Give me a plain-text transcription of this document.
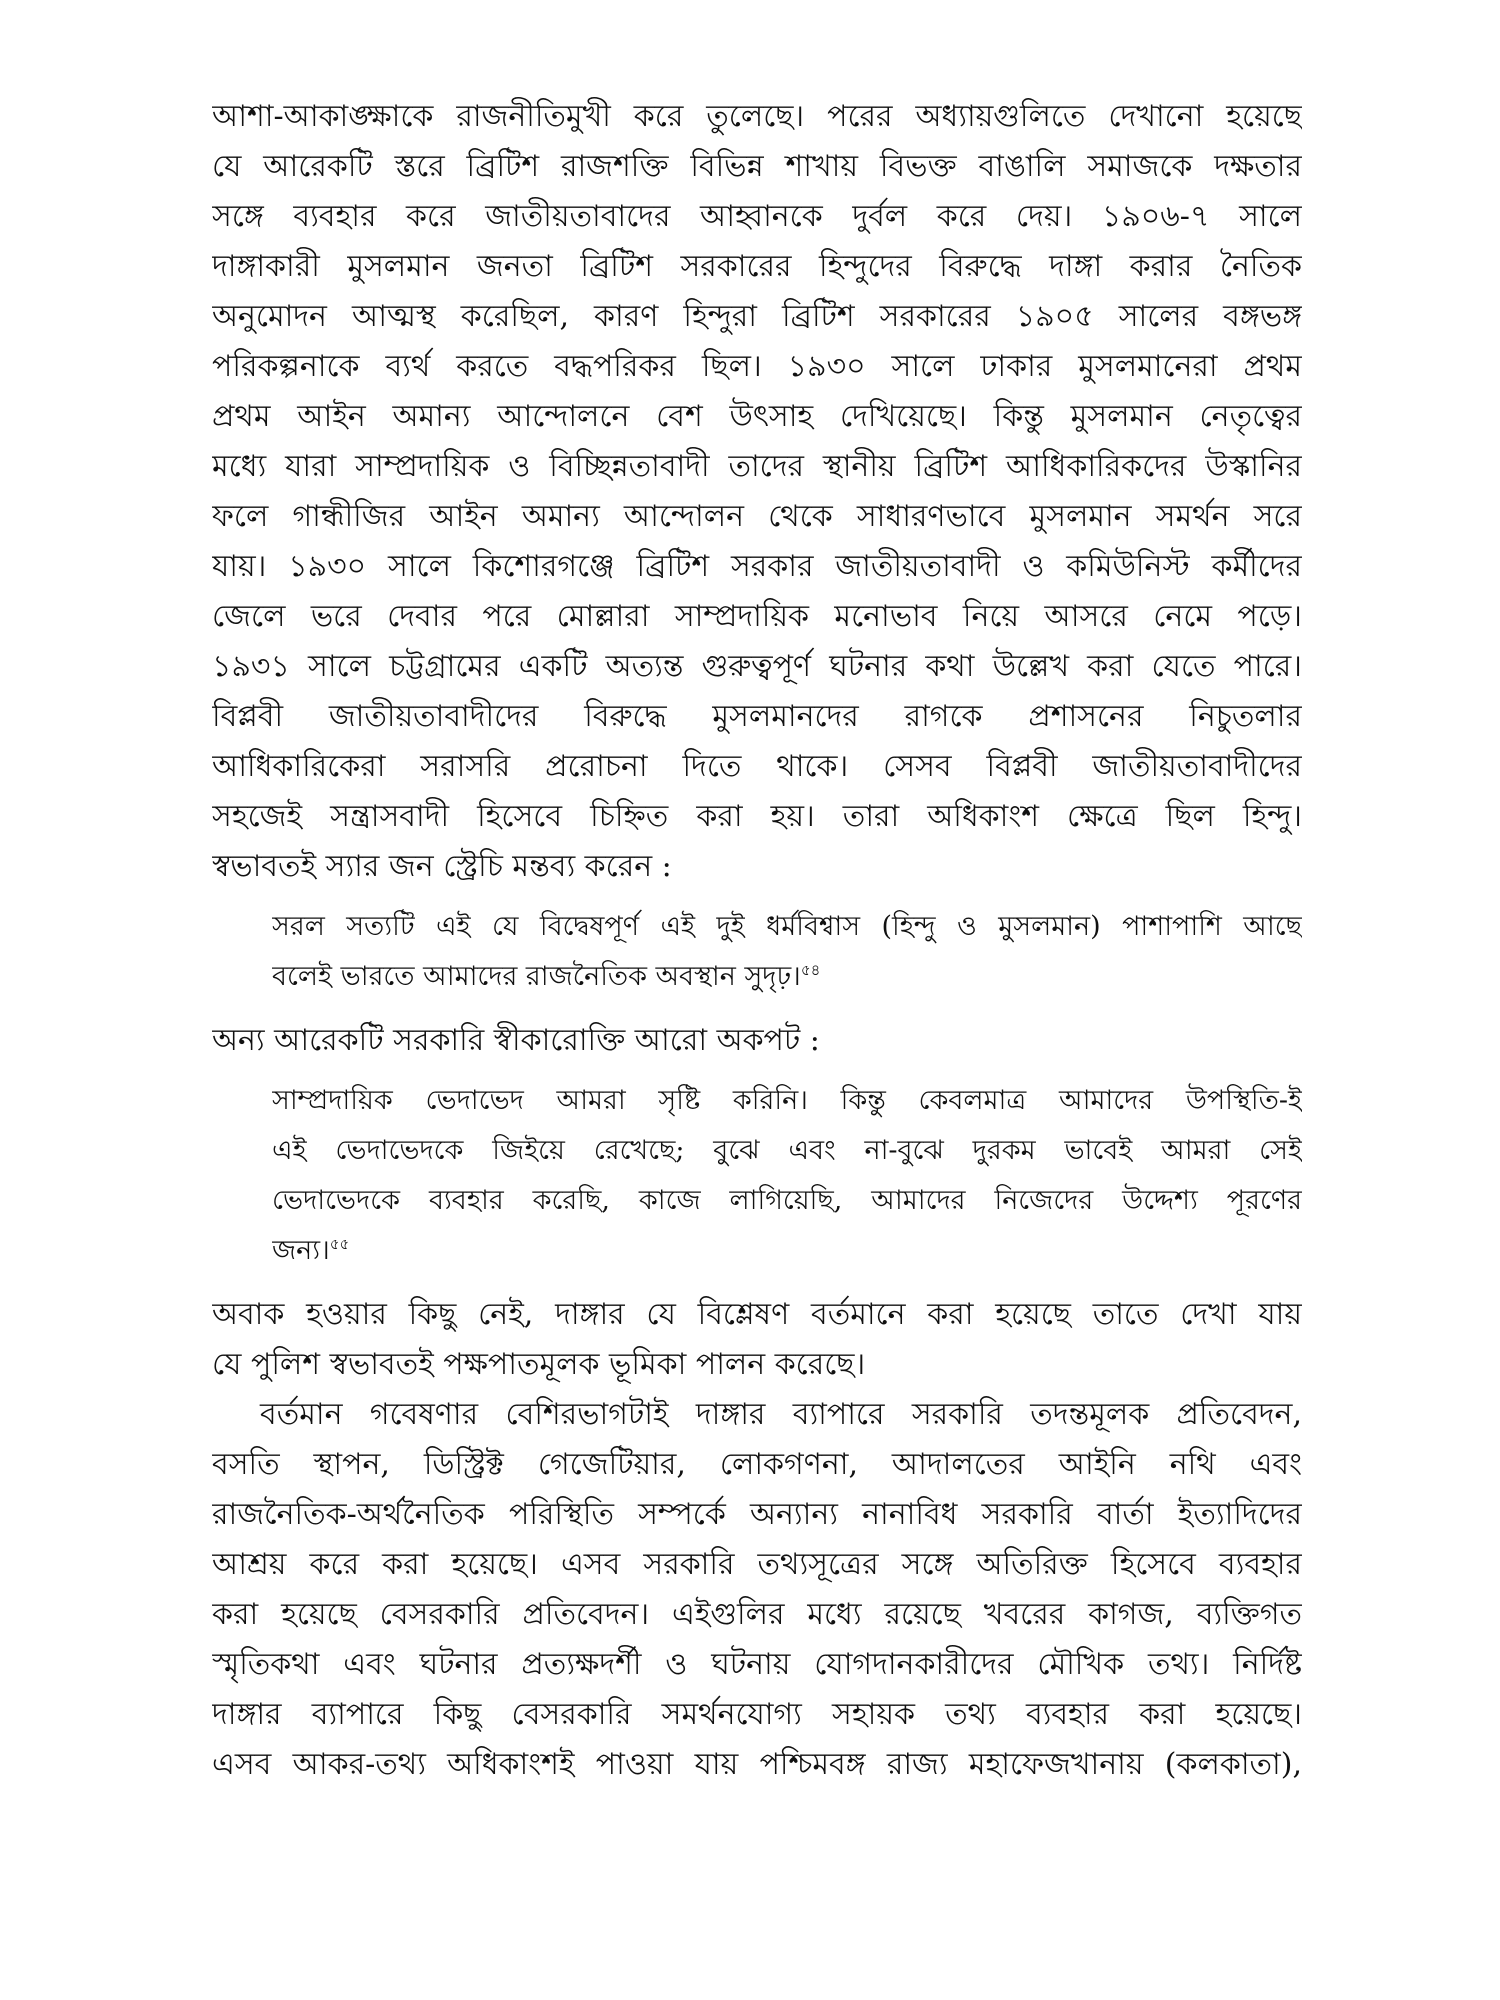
আশা-আকাঙ্ক্ষাকে রাজনীতিমুখী করে তুলেছে। পরের অধ্যায়গুলিতে দেখানো হয়েছে
যে আরেকটি স্তরে ব্রিটিশ রাজশক্তি বিভিন্ন শাখায় বিভক্ত বাঙালি সমাজকে দক্ষতার
সঙ্গে ব্যবহার করে জাতীয়তাবাদের আহ্বানকে দুর্বল করে দেয়। ১৯০৬-৭ সালে
দাঙ্গাকারী মুসলমান জনতা ব্রিটিশ সরকারের হিন্দুদের বিরুদ্ধে দাঙ্গা করার নৈতিক
অনুমোদন আত্মস্থ করেছিল, কারণ হিন্দুরা ব্রিটিশ সরকারের ১৯০৫ সালের বঙ্গভঙ্গ
পরিকল্পনাকে ব্যর্থ করতে বদ্ধপরিকর ছিল। ১৯৩০ সালে ঢাকার মুসলমানেরা প্রথম
প্রথম আইন অমান্য আন্দোলনে বেশ উৎসাহ দেখিয়েছে। কিন্তু মুসলমান নেতৃত্বের
মধ্যে যারা সাম্প্রদায়িক ও বিচ্ছিন্নতাবাদী তাদের স্থানীয় ব্রিটিশ আধিকারিকদের উস্কানির
ফলে গান্ধীজির আইন অমান্য আন্দোলন থেকে সাধারণভাবে মুসলমান সমর্থন সরে
যায়। ১৯৩০ সালে কিশোরগঞ্জে ব্রিটিশ সরকার জাতীয়তাবাদী ও কমিউনিস্ট কর্মীদের
জেলে ভরে দেবার পরে মোল্লারা সাম্প্রদায়িক মনোভাব নিয়ে আসরে নেমে পড়ে।
১৯৩১ সালে চট্টগ্রামের একটি অত্যন্ত গুরুত্বপূর্ণ ঘটনার কথা উল্লেখ করা যেতে পারে।
বিপ্লবী জাতীয়তাবাদীদের বিরুদ্ধে মুসলমানদের রাগকে প্রশাসনের নিচুতলার
আধিকারিকেরা সরাসরি প্ররোচনা দিতে থাকে। সেসব বিপ্লবী জাতীয়তাবাদীদের
সহজেই সন্ত্রাসবাদী হিসেবে চিহ্নিত করা হয়। তারা অধিকাংশ ক্ষেত্রে ছিল হিন্দু।
স্বভাবতই স্যার জন স্ট্রেচি মন্তব্য করেন :
সরল সত্যটি এই যে বিদ্বেষপূর্ণ এই দুই ধর্মবিশ্বাস (হিন্দু ও মুসলমান) পাশাপাশি আছে
বলেই ভারতে আমাদের রাজনৈতিক অবস্থান সুদৃঢ়।$^{৫৪}$
অন্য আরেকটি সরকারি স্বীকারোক্তি আরো অকপট :
সাম্প্রদায়িক ভেদাভেদ আমরা সৃষ্টি করিনি। কিন্তু কেবলমাত্র আমাদের উপস্থিতি-ই
এই ভেদাভেদকে জিইয়ে রেখেছে; বুঝে এবং না-বুঝে দুরকম ভাবেই আমরা সেই
ভেদাভেদকে ব্যবহার করেছি, কাজে লাগিয়েছি, আমাদের নিজেদের উদ্দেশ্য পূরণের
জন্য।$^{৫৫}$
অবাক হওয়ার কিছু নেই, দাঙ্গার যে বিশ্লেষণ বর্তমানে করা হয়েছে তাতে দেখা যায়
যে পুলিশ স্বভাবতই পক্ষপাতমূলক ভূমিকা পালন করেছে।
বর্তমান গবেষণার বেশিরভাগটাই দাঙ্গার ব্যাপারে সরকারি তদন্তমূলক প্রতিবেদন,
বসতি স্থাপন, ডিস্ট্রিক্ট গেজেটিয়ার, লোকগণনা, আদালতের আইনি নথি এবং
রাজনৈতিক-অর্থনৈতিক পরিস্থিতি সম্পর্কে অন্যান্য নানাবিধ সরকারি বার্তা ইত্যাদিদের
আশ্রয় করে করা হয়েছে। এসব সরকারি তথ্যসূত্রের সঙ্গে অতিরিক্ত হিসেবে ব্যবহার
করা হয়েছে বেসরকারি প্রতিবেদন। এইগুলির মধ্যে রয়েছে খবরের কাগজ, ব্যক্তিগত
স্মৃতিকথা এবং ঘটনার প্রত্যক্ষদর্শী ও ঘটনায় যোগদানকারীদের মৌখিক তথ্য। নির্দিষ্ট
দাঙ্গার ব্যাপারে কিছু বেসরকারি সমর্থনযোগ্য সহায়ক তথ্য ব্যবহার করা হয়েছে।
এসব আকর-তথ্য অধিকাংশই পাওয়া যায় পশ্চিমবঙ্গ রাজ্য মহাফেজখানায় (কলকাতা),
